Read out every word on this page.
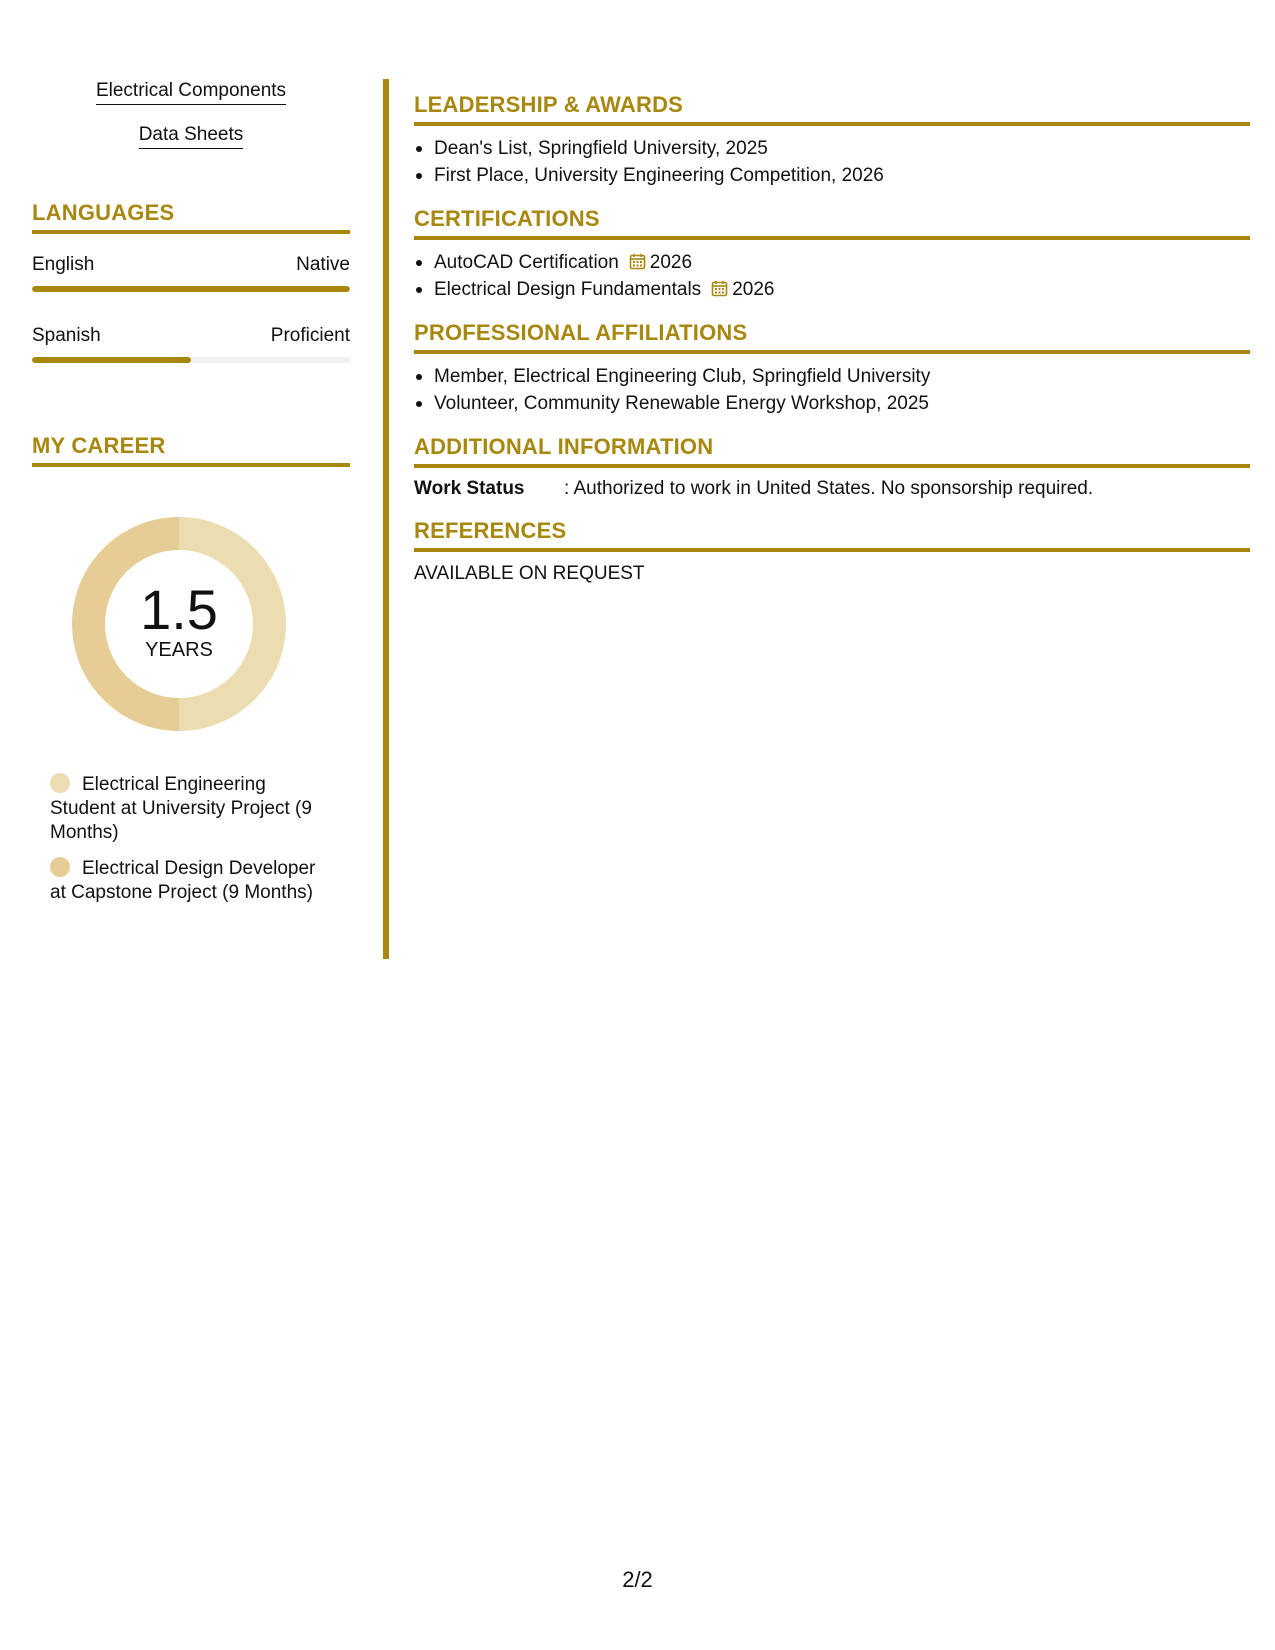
Electrical Components
Data Sheets
LANGUAGES
English	Native
Spanish	Proficient
MY CAREER
1.5
YEARS
Electrical Engineering Student at University Project (9 Months)
Electrical Design Developer at Capstone Project (9 Months)
LEADERSHIP & AWARDS
Dean's List, Springfield University, 2025
First Place, University Engineering Competition, 2026
CERTIFICATIONS
AutoCAD Certification 2026
Electrical Design Fundamentals 2026
PROFESSIONAL AFFILIATIONS
Member, Electrical Engineering Club, Springfield University
Volunteer, Community Renewable Energy Workshop, 2025
ADDITIONAL INFORMATION
Work Status	: Authorized to work in United States. No sponsorship required.
REFERENCES

AVAILABLE ON REQUEST

2/2
